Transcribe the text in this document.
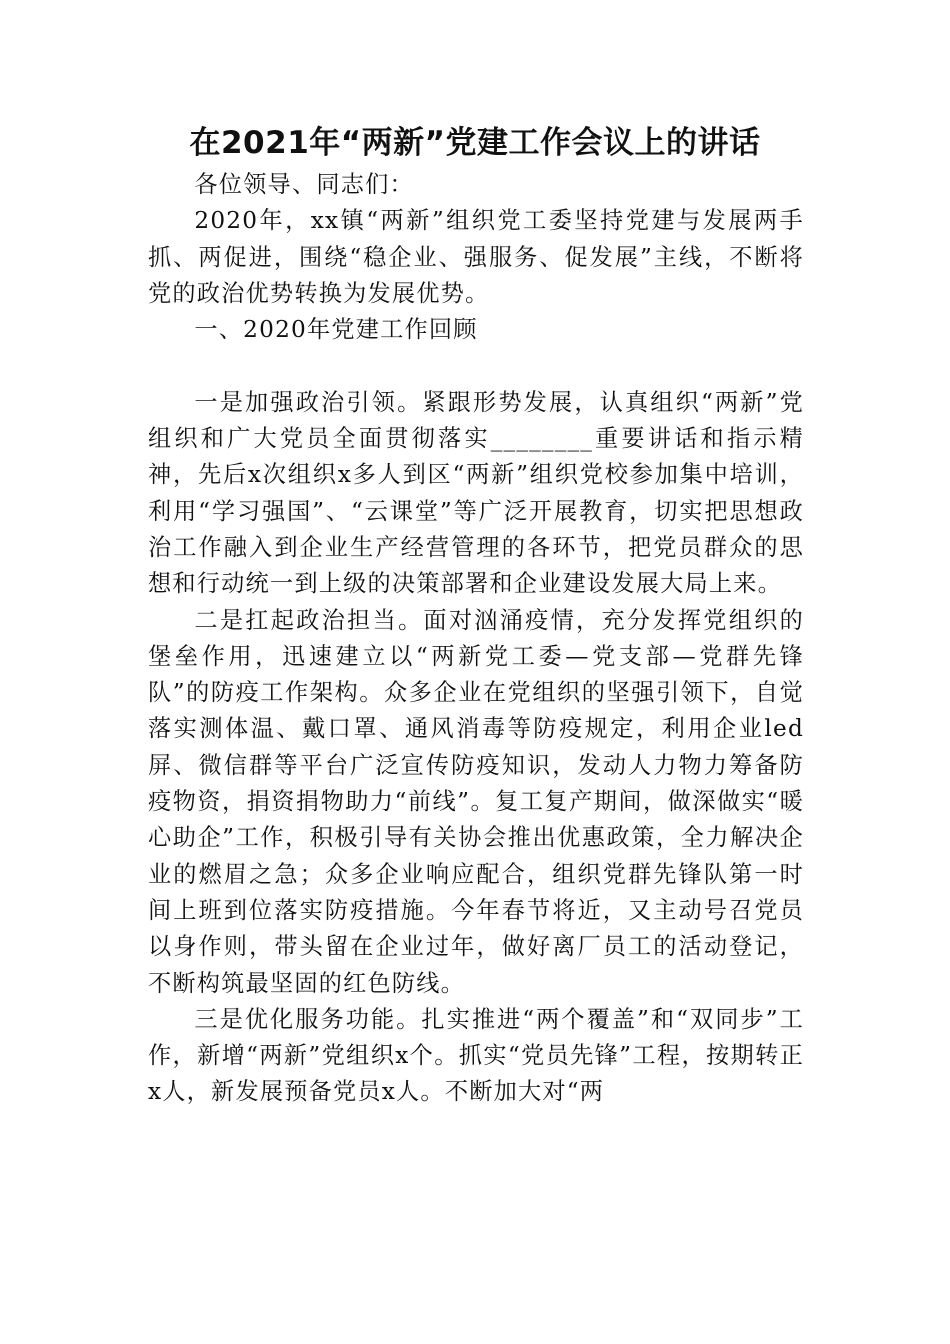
在2021年“两新”党建工作会议上的讲话

各位领导、同志们：

2020年，xx镇“两新”组织党工委坚持党建与发展两手抓、两促进，围绕“稳企业、强服务、促发展”主线，不断将党的政治优势转换为发展优势。

一、2020年党建工作回顾

一是加强政治引领。紧跟形势发展，认真组织“两新”党组织和广大党员全面贯彻落实________重要讲话和指示精神，先后x次组织x多人到区“两新”组织党校参加集中培训，利用“学习强国”、“云课堂”等广泛开展教育，切实把思想政治工作融入到企业生产经营管理的各环节，把党员群众的思想和行动统一到上级的决策部署和企业建设发展大局上来。

二是扛起政治担当。面对汹涌疫情，充分发挥党组织的堡垒作用，迅速建立以“两新党工委—党支部—党群先锋队”的防疫工作架构。众多企业在党组织的坚强引领下，自觉落实测体温、戴口罩、通风消毒等防疫规定，利用企业led屏、微信群等平台广泛宣传防疫知识，发动人力物力筹备防疫物资，捐资捐物助力“前线”。复工复产期间，做深做实“暖心助企”工作，积极引导有关协会推出优惠政策，全力解决企业的燃眉之急；众多企业响应配合，组织党群先锋队第一时间上班到位落实防疫措施。今年春节将近，又主动号召党员以身作则，带头留在企业过年，做好离厂员工的活动登记，不断构筑最坚固的红色防线。

三是优化服务功能。扎实推进“两个覆盖”和“双同步”工作，新增“两新”党组织x个。抓实“党员先锋”工程，按期转正x人，新发展预备党员x人。不断加大对“两
